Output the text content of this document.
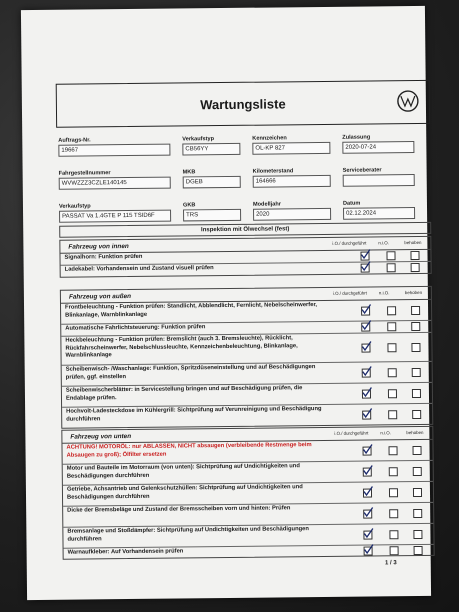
Wartungsliste
Auftrags-Nr.
19667
Verkaufstyp
CB56YY
Kennzeichen
OL-KP 827
Zulassung
2020-07-24
Fahrgestellnummer
WVWZZZ3CZLE140145
MKB
DGEB
Kilometerstand
164666
Serviceberater
Verkaufstyp
PASSAT Va 1.4GTE P 115 TSID6F
GKB
TRS
Modelljahr
2020
Datum
02.12.2024
Inspektion mit Ölwechsel (fest)
Fahrzeug von innen	i.O./ durchgeführt	n.i.O.	behoben
Signalhorn: Funktion prüfen
Ladekabel: Vorhandensein und Zustand visuell prüfen
Fahrzeug von außen	i.O./ durchgeführt	n.i.O.	behoben
Frontbeleuchtung - Funktion prüfen: Standlicht, Abblendlicht, Fernlicht, Nebelscheinwerfer, Blinkanlage, Warnblinkanlage
Automatische Fahrlichtsteuerung: Funktion prüfen
Heckbeleuchtung - Funktion prüfen: Bremslicht (auch 3. Bremsleuchte), Rücklicht, Rückfahrscheinwerfer, Nebelschlussleuchte, Kennzeichenbeleuchtung, Blinkanlage, Warnblinkanlage
Scheibenwisch- /Waschanlage: Funktion, Spritzdüseneinstellung und auf Beschädigungen prüfen, ggf. einstellen
Scheibenwischerblätter: in Servicestellung bringen und auf Beschädigung prüfen, die Endablage prüfen.
Hochvolt-Ladesteckdose im Kühlergrill: Sichtprüfung auf Verunreinigung und Beschädigung durchführen
Fahrzeug von unten	i.O./ durchgeführt	n.i.O.	behoben
ACHTUNG! MOTORÖL: nur ABLASSEN, NICHT absaugen (verbleibende Restmenge beim Absaugen zu groß); Ölfilter ersetzen
Motor und Bauteile im Motorraum (von unten): Sichtprüfung auf Undichtigkeiten und Beschädigungen durchführen
Getriebe, Achsantrieb und Gelenkschutzhüllen: Sichtprüfung auf Undichtigkeiten und Beschädigungen durchführen
Dicke der Bremsbeläge und Zustand der Bremsscheiben vorn und hinten: Prüfen
Bremsanlage und Stoßdämpfer: Sichtprüfung auf Undichtigkeiten und Beschädigungen durchführen
Warnaufkleber: Auf Vorhandensein prüfen
1 / 3
